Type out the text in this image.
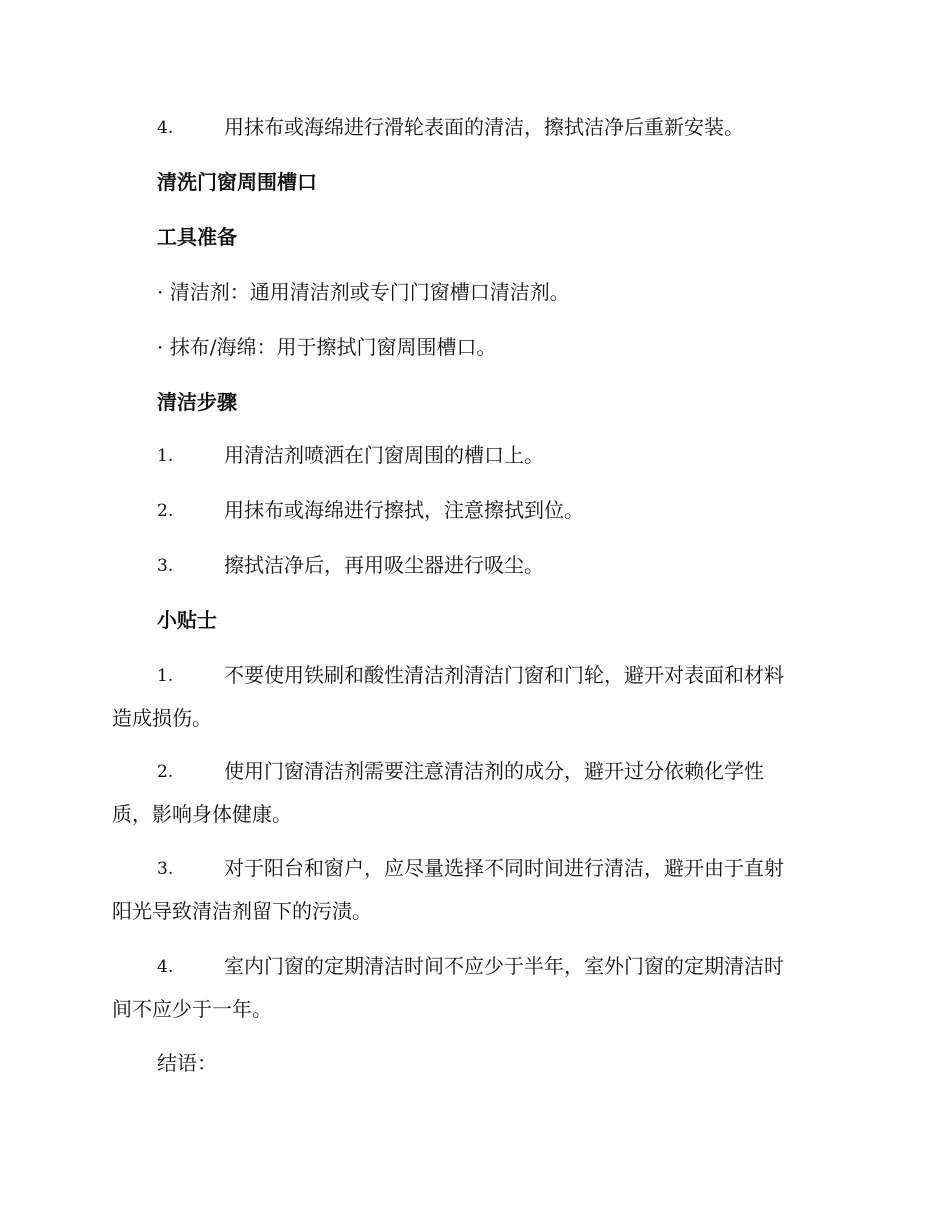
4.	用抹布或海绵进行滑轮表面的清洁，擦拭洁净后重新安装。
清洗门窗周围槽口
工具准备
· 清洁剂：通用清洁剂或专门门窗槽口清洁剂。
· 抹布/海绵：用于擦拭门窗周围槽口。
清洁步骤
1.	用清洁剂喷洒在门窗周围的槽口上。
2.	用抹布或海绵进行擦拭，注意擦拭到位。
3.	擦拭洁净后，再用吸尘器进行吸尘。
小贴士
1.	不要使用铁刷和酸性清洁剂清洁门窗和门轮，避开对表面和材料
造成损伤。
2.	使用门窗清洁剂需要注意清洁剂的成分，避开过分依赖化学性
质，影响身体健康。
3.	对于阳台和窗户，应尽量选择不同时间进行清洁，避开由于直射
阳光导致清洁剂留下的污渍。
4.	室内门窗的定期清洁时间不应少于半年，室外门窗的定期清洁时
间不应少于一年。
结语：
